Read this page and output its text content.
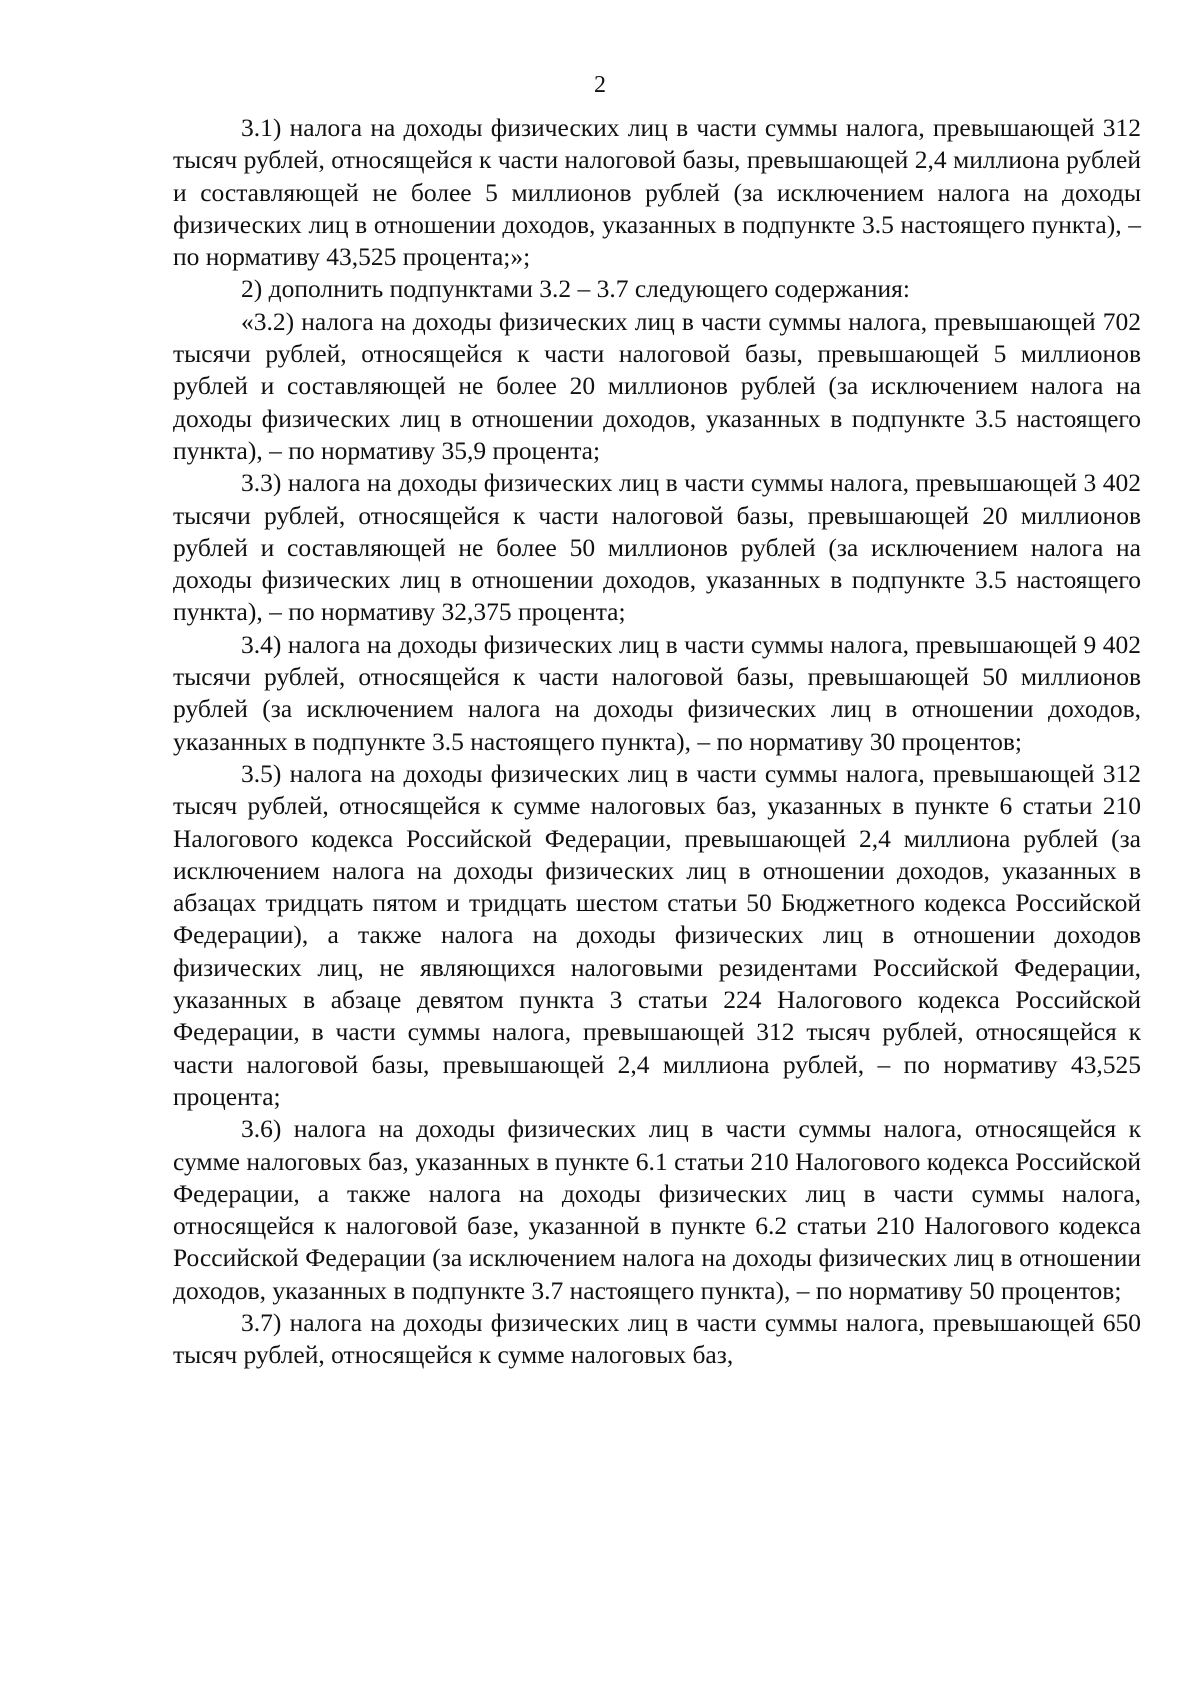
2

3.1) налога на доходы физических лиц в части суммы налога, превышающей 312 тысяч рублей, относящейся к части налоговой базы, превышающей 2,4 миллиона рублей и составляющей не более 5 миллионов рублей (за исключением налога на доходы физических лиц в отношении доходов, указанных в подпункте 3.5 настоящего пункта), – по нормативу 43,525 процента;»;

2) дополнить подпунктами 3.2 – 3.7 следующего содержания:

«3.2) налога на доходы физических лиц в части суммы налога, превышающей 702 тысячи рублей, относящейся к части налоговой базы, превышающей 5 миллионов рублей и составляющей не более 20 миллионов рублей (за исключением налога на доходы физических лиц в отношении доходов, указанных в подпункте 3.5 настоящего пункта), – по нормативу 35,9 процента;

3.3) налога на доходы физических лиц в части суммы налога, превышающей 3 402 тысячи рублей, относящейся к части налоговой базы, превышающей 20 миллионов рублей и составляющей не более 50 миллионов рублей (за исключением налога на доходы физических лиц в отношении доходов, указанных в подпункте 3.5 настоящего пункта), – по нормативу 32,375 процента;

3.4) налога на доходы физических лиц в части суммы налога, превышающей 9 402 тысячи рублей, относящейся к части налоговой базы, превышающей 50 миллионов рублей (за исключением налога на доходы физических лиц в отношении доходов, указанных в подпункте 3.5 настоящего пункта), – по нормативу 30 процентов;

3.5) налога на доходы физических лиц в части суммы налога, превышающей 312 тысяч рублей, относящейся к сумме налоговых баз, указанных в пункте 6 статьи 210 Налогового кодекса Российской Федерации, превышающей 2,4 миллиона рублей (за исключением налога на доходы физических лиц в отношении доходов, указанных в абзацах тридцать пятом и тридцать шестом статьи 50 Бюджетного кодекса Российской Федерации), а также налога на доходы физических лиц в отношении доходов физических лиц, не являющихся налоговыми резидентами Российской Федерации, указанных в абзаце девятом пункта 3 статьи 224 Налогового кодекса Российской Федерации, в части суммы налога, превышающей 312 тысяч рублей, относящейся к части налоговой базы, превышающей 2,4 миллиона рублей, – по нормативу 43,525 процента;

3.6) налога на доходы физических лиц в части суммы налога, относящейся к сумме налоговых баз, указанных в пункте 6.1 статьи 210 Налогового кодекса Российской Федерации, а также налога на доходы физических лиц в части суммы налога, относящейся к налоговой базе, указанной в пункте 6.2 статьи 210 Налогового кодекса Российской Федерации (за исключением налога на доходы физических лиц в отношении доходов, указанных в подпункте 3.7 настоящего пункта), – по нормативу 50 процентов;

3.7) налога на доходы физических лиц в части суммы налога, превышающей 650 тысяч рублей, относящейся к сумме налоговых баз,
